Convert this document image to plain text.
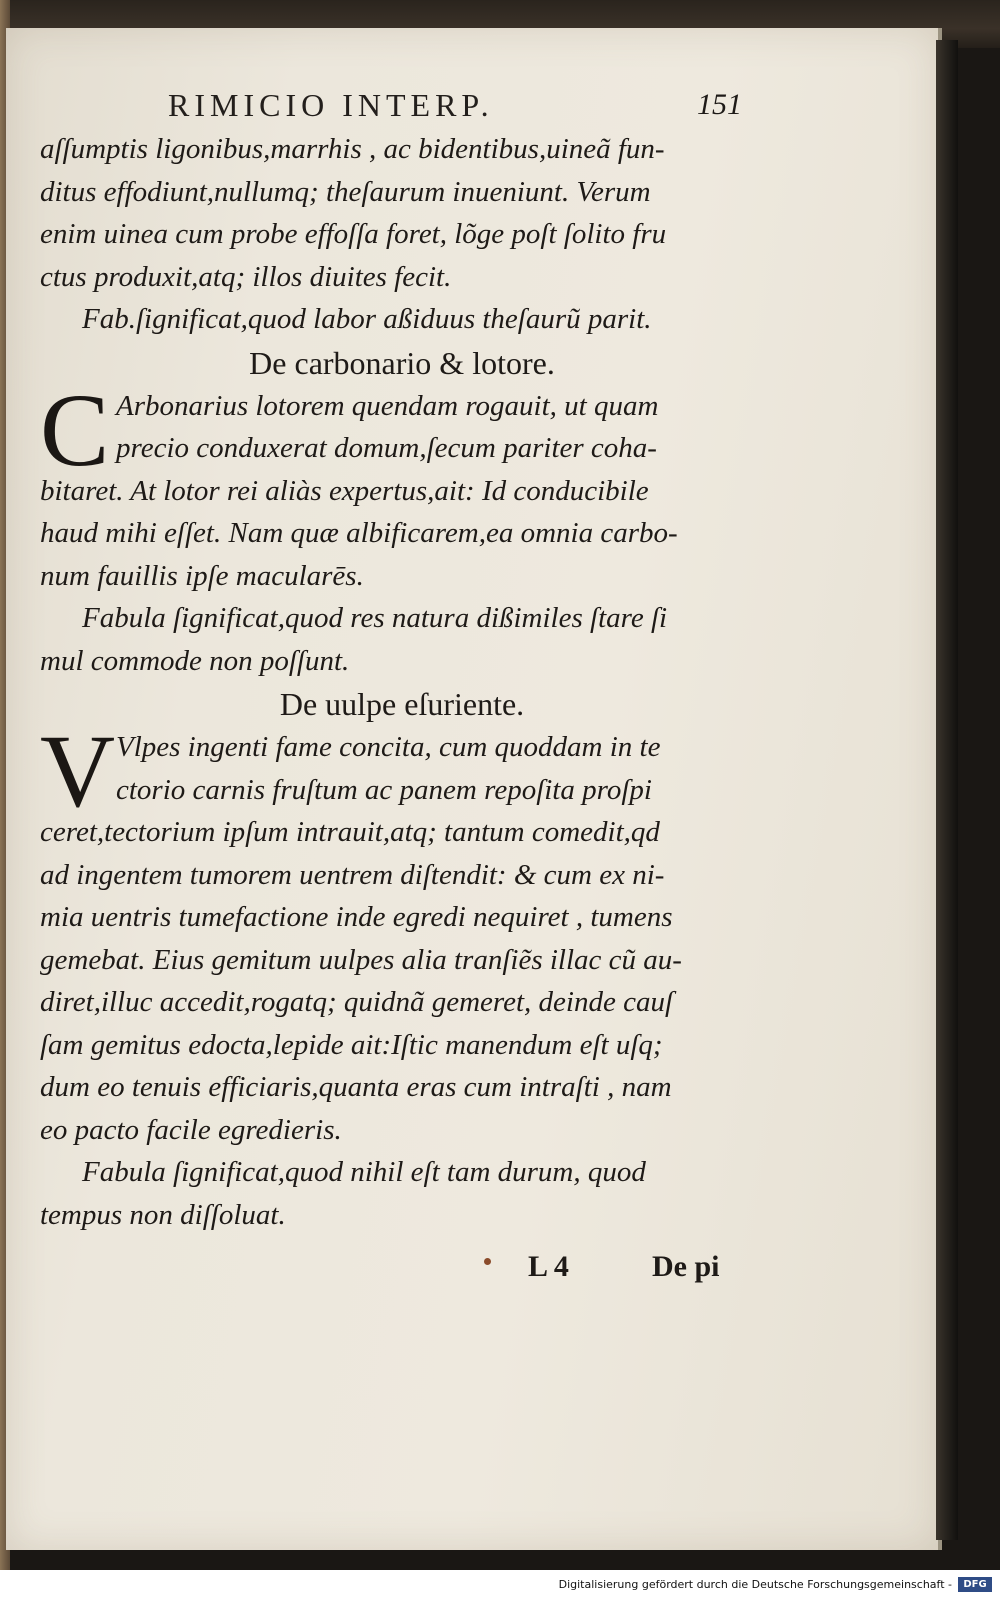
RIMICIO INTERP.	151
aſſumptis ligonibus,marrhis , ac bidentibus,uineã fun-
ditus effodiunt,nullumq; theſaurum inueniunt. Verum
enim uinea cum probe effoſſa foret, lõge poſt ſolito fru
ctus produxit,atq; illos diuites fecit.
Fab.ſignificat,quod labor aßiduus theſaurũ parit.
De carbonario & lotore.
C Arbonarius lotorem quendam rogauit, ut quam
precio conduxerat domum,ſecum pariter coha-
bitaret. At lotor rei aliàs expertus,ait: Id conducibile
haud mihi eſſet. Nam quæ albificarem,ea omnia carbo-
num fauillis ipſe macularēs.
Fabula ſignificat,quod res natura dißimiles ſtare ſi
mul commode non poſſunt.
De uulpe eſuriente.
V Vlpes ingenti fame concita, cum quoddam in te
ctorio carnis fruſtum ac panem repoſita proſpi
ceret,tectorium ipſum intrauit,atq; tantum comedit,qd᷑
ad ingentem tumorem uentrem diſtendit: & cum ex ni-
mia uentris tumefactione inde egredi nequiret , tumens
gemebat. Eius gemitum uulpes alia tranſiẽs illac cũ au-
diret,illuc accedit,rogatq; quidnã gemeret, deinde cauſ
ſam gemitus edocta,lepide ait:Iſtic manendum eſt uſq;
dum eo tenuis efficiaris,quanta eras cum intraſti , nam
eo pacto facile egredieris.
Fabula ſignificat,quod nihil eſt tam durum, quod
tempus non diſſoluat.
L 4	De pi
Digitalisierung gefördert durch die Deutsche Forschungsgemeinschaft -	DFG
